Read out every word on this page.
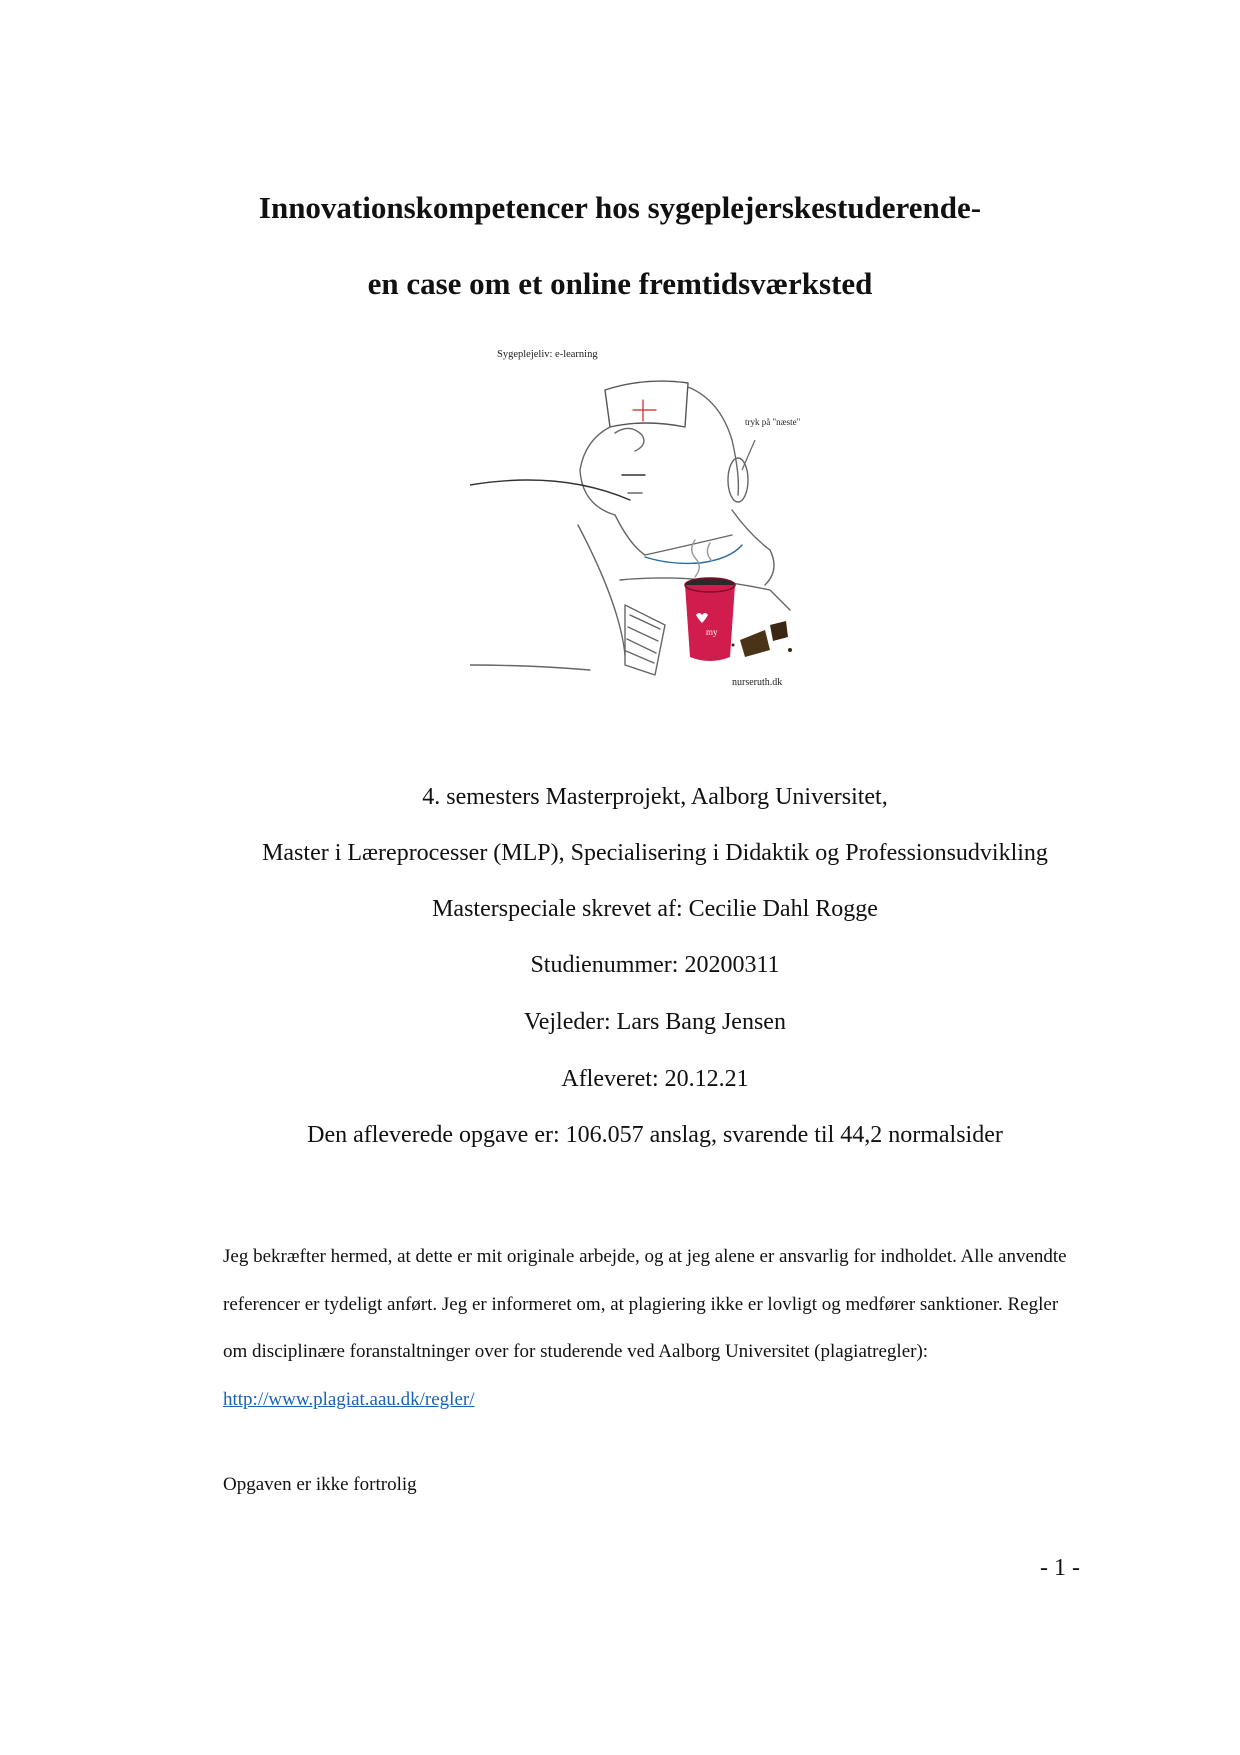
Innovationskompetencer hos sygeplejerskestuderende-
en case om et online fremtidsværksted
Sygeplejeliv: e-learning
my
nurseruth.dk
tryk på "næste"
4. semesters Masterprojekt, Aalborg Universitet,
Master i Læreprocesser (MLP), Specialisering i Didaktik og Professionsudvikling
Masterspeciale skrevet af: Cecilie Dahl Rogge
Studienummer: 20200311
Vejleder: Lars Bang Jensen
Afleveret: 20.12.21
Den afleverede opgave er: 106.057 anslag, svarende til 44,2 normalsider
Jeg bekræfter hermed, at dette er mit originale arbejde, og at jeg alene er ansvarlig for indholdet. Alle anvendte referencer er tydeligt anført. Jeg er informeret om, at plagiering ikke er lovligt og medfører sanktioner. Regler om disciplinære foranstaltninger over for studerende ved Aalborg Universitet (plagiatregler): http://www.plagiat.aau.dk/regler/
Opgaven er ikke fortrolig
- 1 -
